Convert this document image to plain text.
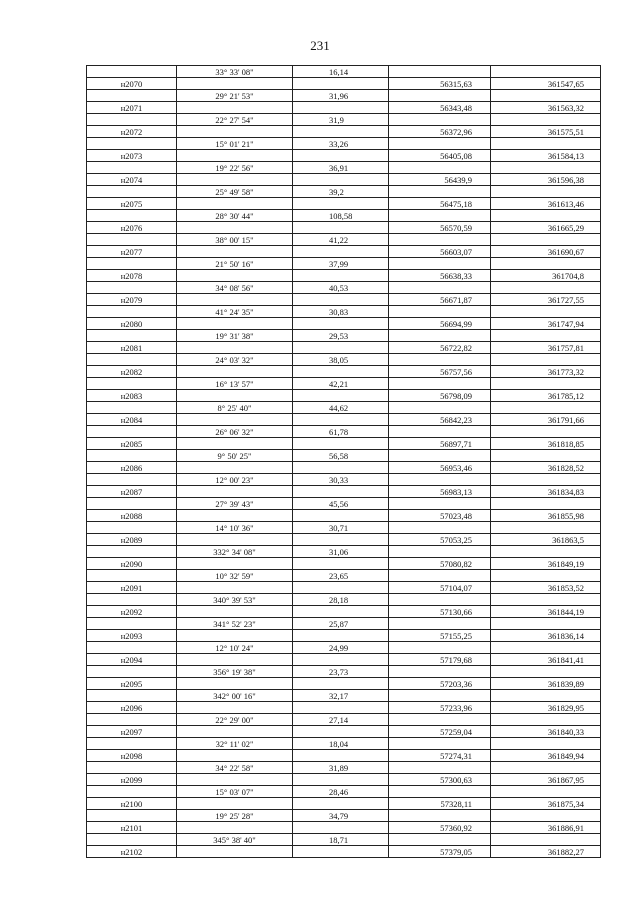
231
	33° 33' 08"	16,14		
н2070			56315,63	361547,65
	29° 21' 53"	31,96		
н2071			56343,48	361563,32
	22° 27' 54"	31,9		
н2072			56372,96	361575,51
	15° 01' 21"	33,26		
н2073			56405,08	361584,13
	19° 22' 56"	36,91		
н2074			56439,9	361596,38
	25° 49' 58"	39,2		
н2075			56475,18	361613,46
	28° 30' 44"	108,58		
н2076			56570,59	361665,29
	38° 00' 15"	41,22		
н2077			56603,07	361690,67
	21° 50' 16"	37,99		
н2078			56638,33	361704,8
	34° 08' 56"	40,53		
н2079			56671,87	361727,55
	41° 24' 35"	30,83		
н2080			56694,99	361747,94
	19° 31' 38"	29,53		
н2081			56722,82	361757,81
	24° 03' 32"	38,05		
н2082			56757,56	361773,32
	16° 13' 57"	42,21		
н2083			56798,09	361785,12
	8° 25' 40"	44,62		
н2084			56842,23	361791,66
	26° 06' 32"	61,78		
н2085			56897,71	361818,85
	9° 50' 25"	56,58		
н2086			56953,46	361828,52
	12° 00' 23"	30,33		
н2087			56983,13	361834,83
	27° 39' 43"	45,56		
н2088			57023,48	361855,98
	14° 10' 36"	30,71		
н2089			57053,25	361863,5
	332° 34' 08"	31,06		
н2090			57080,82	361849,19
	10° 32' 59"	23,65		
н2091			57104,07	361853,52
	340° 39' 53"	28,18		
н2092			57130,66	361844,19
	341° 52' 23"	25,87		
н2093			57155,25	361836,14
	12° 10' 24"	24,99		
н2094			57179,68	361841,41
	356° 19' 38"	23,73		
н2095			57203,36	361839,89
	342° 00' 16"	32,17		
н2096			57233,96	361829,95
	22° 29' 00"	27,14		
н2097			57259,04	361840,33
	32° 11' 02"	18,04		
н2098			57274,31	361849,94
	34° 22' 58"	31,89		
н2099			57300,63	361867,95
	15° 03' 07"	28,46		
н2100			57328,11	361875,34
	19° 25' 28"	34,79		
н2101			57360,92	361886,91
	345° 38' 40"	18,71		
н2102			57379,05	361882,27
